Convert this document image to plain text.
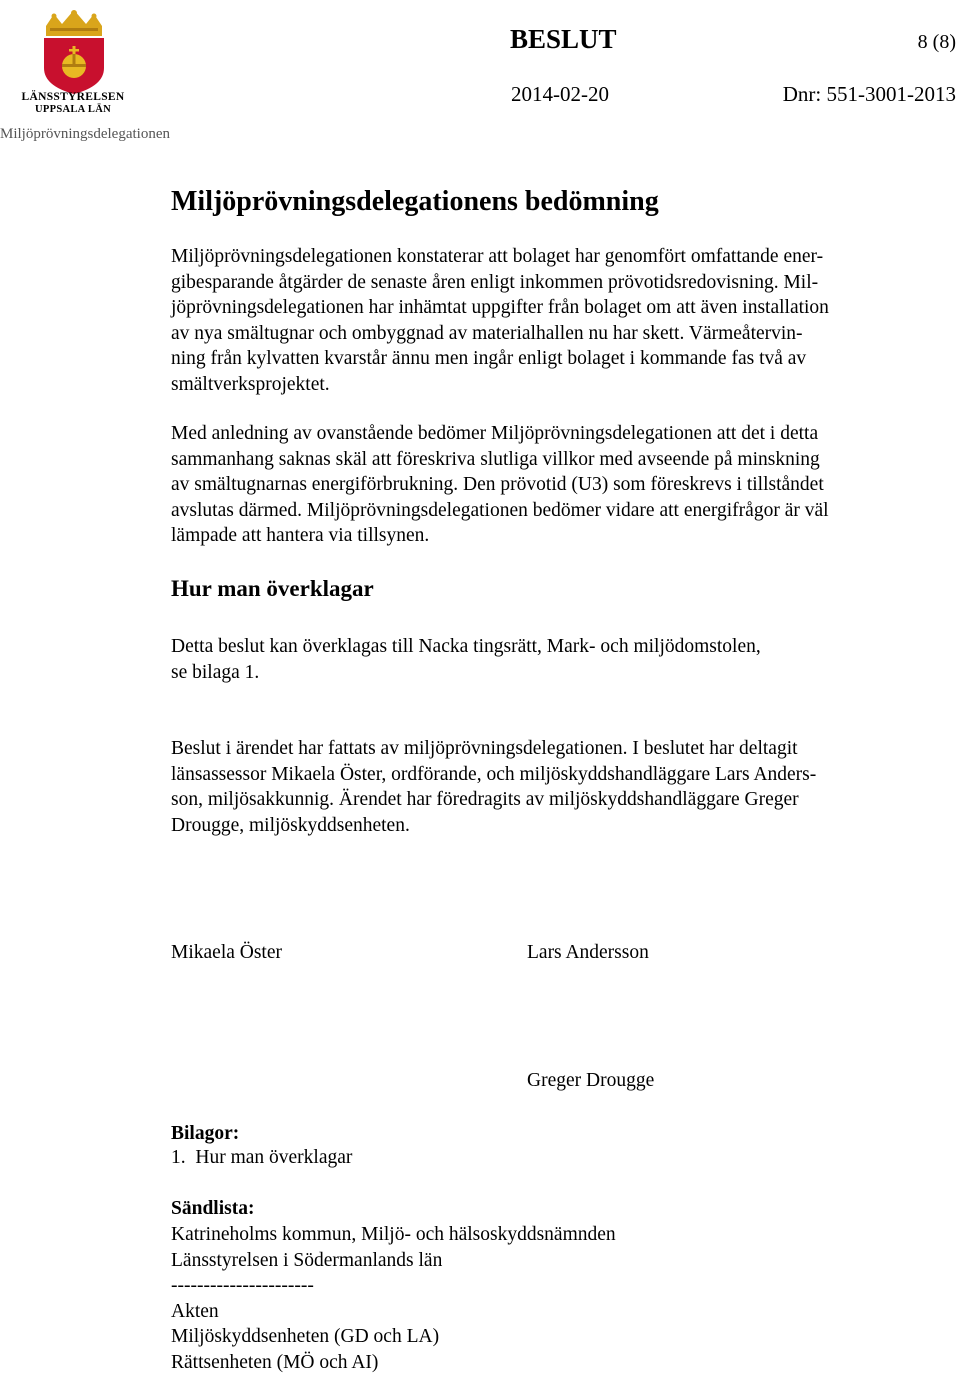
LÄNSSTYRELSEN
UPPSALA LÄN
Miljöprövningsdelegationen
BESLUT	8 (8)
2014-02-20	Dnr: 551-3001-2013
Miljöprövningsdelegationens bedömning
Miljöprövningsdelegationen konstaterar att bolaget har genomfört omfattande ener-
gibesparande åtgärder de senaste åren enligt inkommen prövotidsredovisning. Mil-
jöprövningsdelegationen har inhämtat uppgifter från bolaget om att även installation
av nya smältugnar och ombyggnad av materialhallen nu har skett. Värmeåtervin-
ning från kylvatten kvarstår ännu men ingår enligt bolaget i kommande fas två av
smältverksprojektet.
Med anledning av ovanstående bedömer Miljöprövningsdelegationen att det i detta
sammanhang saknas skäl att föreskriva slutliga villkor med avseende på minskning
av smältugnarnas energiförbrukning. Den prövotid (U3) som föreskrevs i tillståndet
avslutas därmed. Miljöprövningsdelegationen bedömer vidare att energifrågor är väl
lämpade att hantera via tillsynen.
Hur man överklagar
Detta beslut kan överklagas till Nacka tingsrätt, Mark- och miljödomstolen,
se bilaga 1.
Beslut i ärendet har fattats av miljöprövningsdelegationen. I beslutet har deltagit
länsassessor Mikaela Öster, ordförande, och miljöskyddshandläggare Lars Anders-
son, miljösakkunnig. Ärendet har föredragits av miljöskyddshandläggare Greger
Drougge, miljöskyddsenheten.
Mikaela Öster	Lars Andersson
Greger Drougge
Bilagor:
1.  Hur man överklagar
Sändlista:
Katrineholms kommun, Miljö- och hälsoskyddsnämnden
Länsstyrelsen i Södermanlands län
----------------------
Akten
Miljöskyddsenheten (GD och LA)
Rättsenheten (MÖ och AI)
